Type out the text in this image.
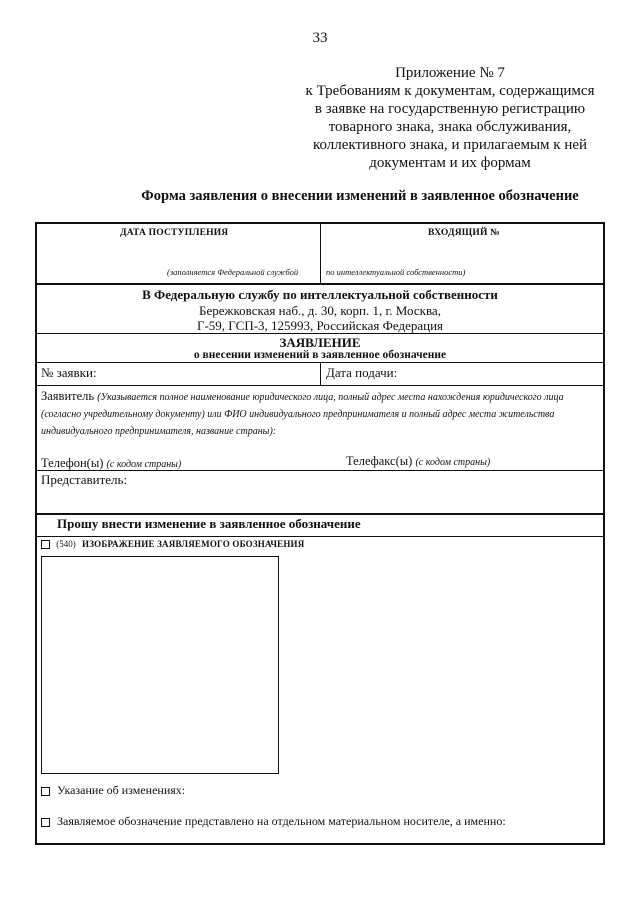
33
Приложение № 7
к Требованиям к документам, содержащимся
в заявке на государственную регистрацию
товарного знака, знака обслуживания,
коллективного знака, и прилагаемым к ней
документам и их формам
Форма заявления о внесении изменений в заявленное обозначение
ДАТА ПОСТУПЛЕНИЯ	ВХОДЯЩИЙ №
(заполняется Федеральной службой	по интеллектуальной собственности)
В Федеральную службу по интеллектуальной собственности
Бережковская наб., д. 30, корп. 1, г. Москва,
Г-59, ГСП-3, 125993, Российская Федерация
ЗАЯВЛЕНИЕ
о внесении изменений в заявленное обозначение
№ заявки:	Дата подачи:
Заявитель (Указывается полное наименование юридического лица, полный адрес места нахождения юридического лица (согласно учредительному документу) или ФИО индивидуального предпринимателя и полный адрес места жительства индивидуального предпринимателя, название страны):
Телефон(ы) (с кодом страны)	Телефакс(ы) (с кодом страны)
Представитель:
Прошу внести изменение в заявленное обозначение
(540) ИЗОБРАЖЕНИЕ ЗАЯВЛЯЕМОГО ОБОЗНАЧЕНИЯ
Указание об изменениях:
Заявляемое обозначение представлено на отдельном материальном носителе, а именно:
